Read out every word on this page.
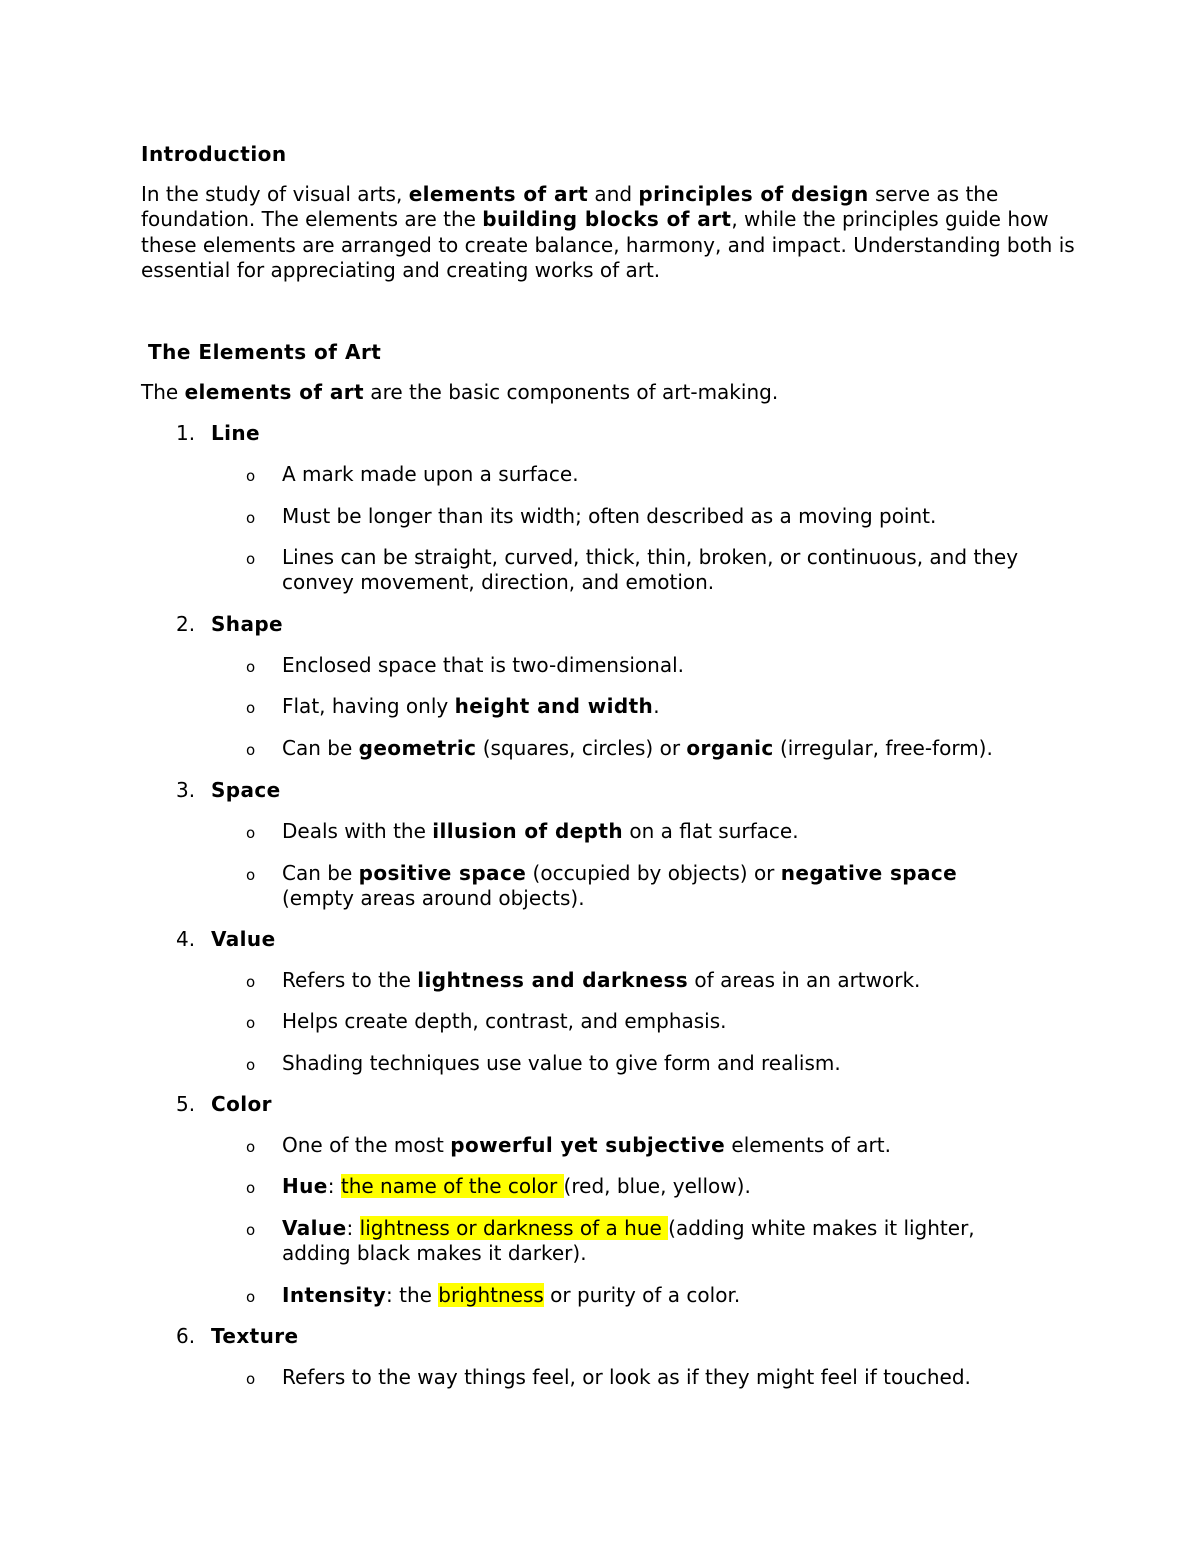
Introduction
In the study of visual arts, elements of art and principles of design serve as the foundation. The elements are the building blocks of art, while the principles guide how these elements are arranged to create balance, harmony, and impact. Understanding both is essential for appreciating and creating works of art.
The Elements of Art
The elements of art are the basic components of art-making.
1. Line
o A mark made upon a surface.
o Must be longer than its width; often described as a moving point.
o Lines can be straight, curved, thick, thin, broken, or continuous, and they convey movement, direction, and emotion.
2. Shape
o Enclosed space that is two-dimensional.
o Flat, having only height and width.
o Can be geometric (squares, circles) or organic (irregular, free-form).
3. Space
o Deals with the illusion of depth on a flat surface.
o Can be positive space (occupied by objects) or negative space (empty areas around objects).
4. Value
o Refers to the lightness and darkness of areas in an artwork.
o Helps create depth, contrast, and emphasis.
o Shading techniques use value to give form and realism.
5. Color
o One of the most powerful yet subjective elements of art.
o Hue: the name of the color (red, blue, yellow).
o Value: lightness or darkness of a hue (adding white makes it lighter, adding black makes it darker).
o Intensity: the brightness or purity of a color.
6. Texture
o Refers to the way things feel, or look as if they might feel if touched.
